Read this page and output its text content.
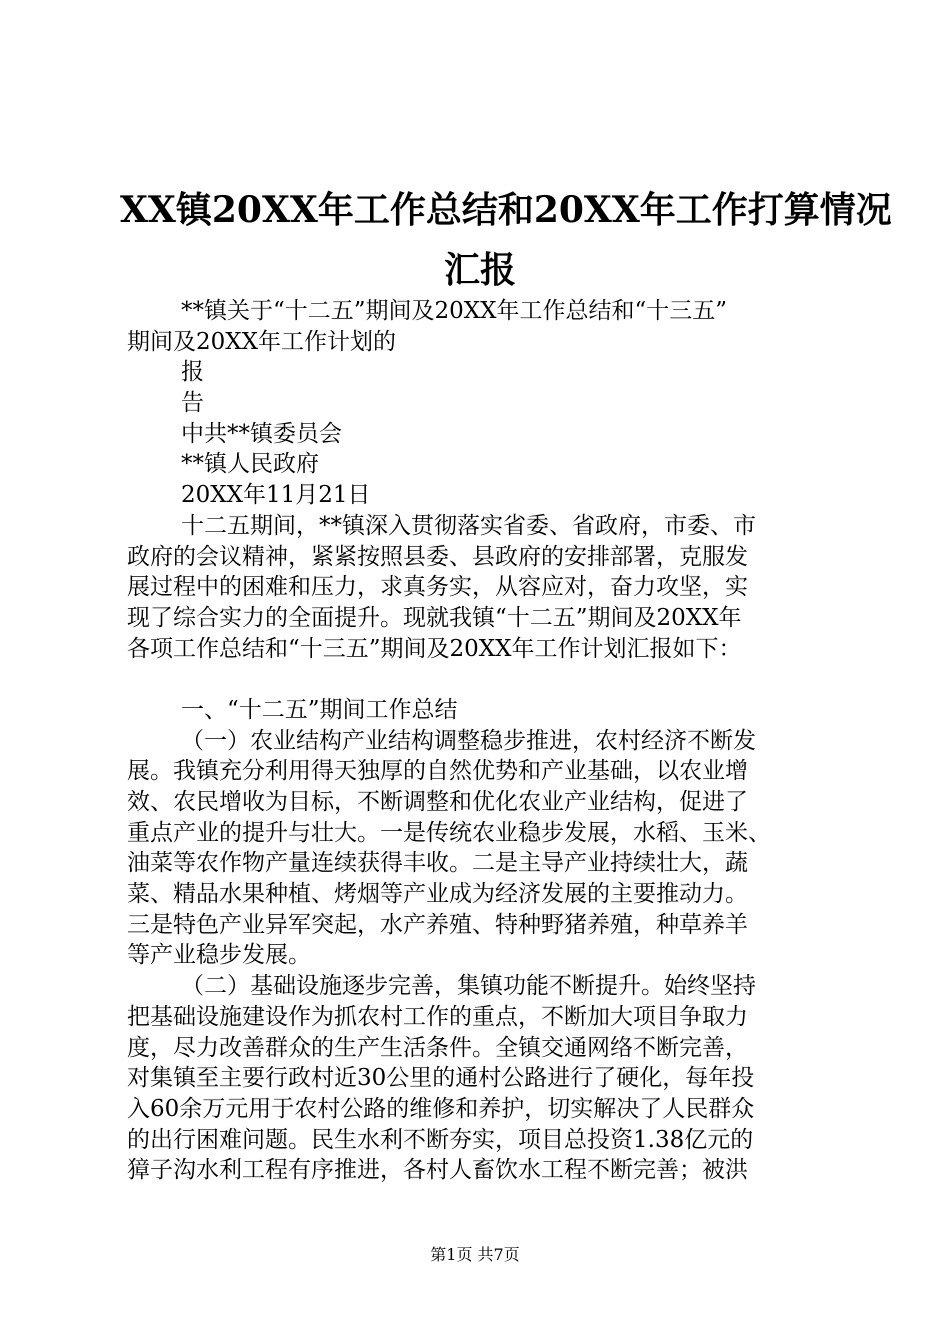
XX镇20XX年工作总结和20XX年工作打算情况
汇报
**镇关于“十二五”期间及20XX年工作总结和“十三五”
期间及20XX年工作计划的
报
告
中共**镇委员会
**镇人民政府
20XX年11月21日
十二五期间，**镇深入贯彻落实省委、省政府，市委、市
政府的会议精神，紧紧按照县委、县政府的安排部署，克服发
展过程中的困难和压力，求真务实，从容应对，奋力攻坚，实
现了综合实力的全面提升。现就我镇“十二五”期间及20XX年
各项工作总结和“十三五”期间及20XX年工作计划汇报如下：
一、“十二五”期间工作总结
（一）农业结构产业结构调整稳步推进，农村经济不断发
展。我镇充分利用得天独厚的自然优势和产业基础，以农业增
效、农民增收为目标，不断调整和优化农业产业结构，促进了
重点产业的提升与壮大。一是传统农业稳步发展，水稻、玉米、
油菜等农作物产量连续获得丰收。二是主导产业持续壮大，蔬
菜、精品水果种植、烤烟等产业成为经济发展的主要推动力。
三是特色产业异军突起，水产养殖、特种野猪养殖，种草养羊
等产业稳步发展。
（二）基础设施逐步完善，集镇功能不断提升。始终坚持
把基础设施建设作为抓农村工作的重点，不断加大项目争取力
度，尽力改善群众的生产生活条件。全镇交通网络不断完善，
对集镇至主要行政村近30公里的通村公路进行了硬化，每年投
入60余万元用于农村公路的维修和养护，切实解决了人民群众
的出行困难问题。民生水利不断夯实，项目总投资1.38亿元的
獐子沟水利工程有序推进，各村人畜饮水工程不断完善；被洪
第1页 共7页
